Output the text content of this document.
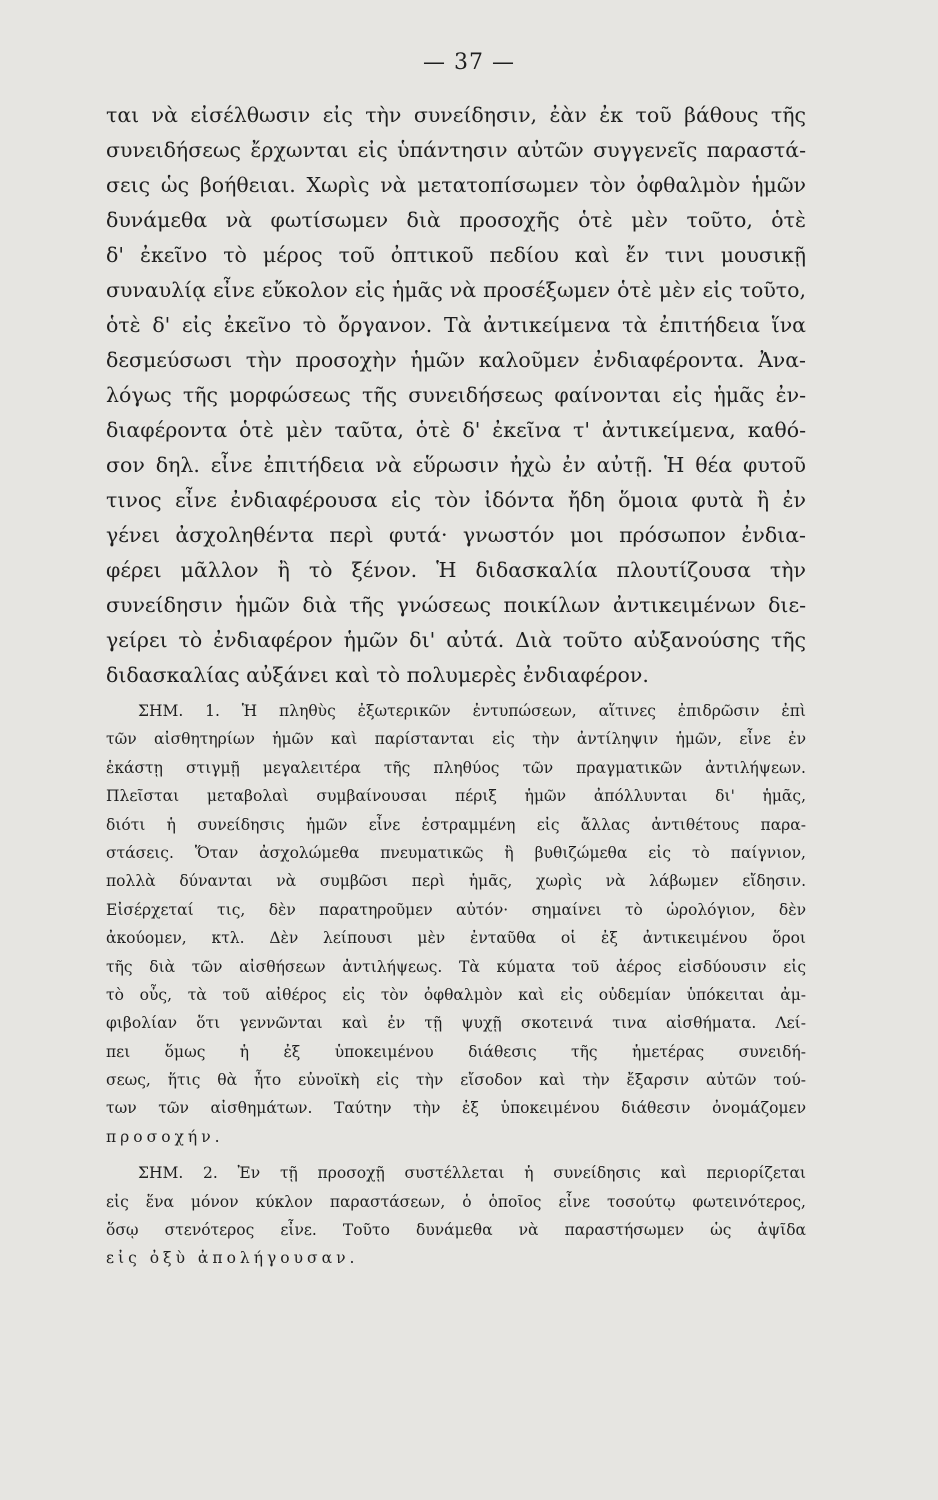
— 37 —
ται νὰ εἰσέλθωσιν εἰς τὴν συνείδησιν, ἐὰν ἐκ τοῦ βάθους τῆς
συνειδήσεως ἔρχωνται εἰς ὑπάντησιν αὐτῶν συγγενεῖς παραστά-
σεις ὡς βοήθειαι. Χωρὶς νὰ μετατοπίσωμεν τὸν ὀφθαλμὸν ἡμῶν
δυνάμεθα νὰ φωτίσωμεν διὰ προσοχῆς ὁτὲ μὲν τοῦτο, ὁτὲ
δ' ἐκεῖνο τὸ μέρος τοῦ ὀπτικοῦ πεδίου καὶ ἔν τινι μουσικῇ
συναυλίᾳ εἶνε εὔκολον εἰς ἡμᾶς νὰ προσέξωμεν ὁτὲ μὲν εἰς τοῦτο,
ὁτὲ δ' εἰς ἐκεῖνο τὸ ὄργανον. Τὰ ἀντικείμενα τὰ ἐπιτήδεια ἵνα
δεσμεύσωσι τὴν προσοχὴν ἡμῶν καλοῦμεν ἐνδιαφέροντα. Ἀνα-
λόγως τῆς μορφώσεως τῆς συνειδήσεως φαίνονται εἰς ἡμᾶς ἐν-
διαφέροντα ὁτὲ μὲν ταῦτα, ὁτὲ δ' ἐκεῖνα τ' ἀντικείμενα, καθό-
σον δηλ. εἶνε ἐπιτήδεια νὰ εὕρωσιν ἠχὼ ἐν αὐτῇ. Ἡ θέα φυτοῦ
τινος εἶνε ἐνδιαφέρουσα εἰς τὸν ἰδόντα ἤδη ὅμοια φυτὰ ἢ ἐν
γένει ἀσχοληθέντα περὶ φυτά· γνωστόν μοι πρόσωπον ἐνδια-
φέρει μᾶλλον ἢ τὸ ξένον. Ἡ διδασκαλία πλουτίζουσα τὴν
συνείδησιν ἡμῶν διὰ τῆς γνώσεως ποικίλων ἀντικειμένων διε-
γείρει τὸ ἐνδιαφέρον ἡμῶν δι' αὐτά. Διὰ τοῦτο αὐξανούσης τῆς
διδασκαλίας αὐξάνει καὶ τὸ πολυμερὲς ἐνδιαφέρον.
ΣΗΜ. 1. Ἡ πληθὺς ἐξωτερικῶν ἐντυπώσεων, αἵτινες ἐπιδρῶσιν ἐπὶ
τῶν αἰσθητηρίων ἡμῶν καὶ παρίστανται εἰς τὴν ἀντίληψιν ἡμῶν, εἶνε ἐν
ἑκάστῃ στιγμῇ μεγαλειτέρα τῆς πληθύος τῶν πραγματικῶν ἀντιλήψεων.
Πλεῖσται μεταβολαὶ συμβαίνουσαι πέριξ ἡμῶν ἀπόλλυνται δι' ἡμᾶς,
διότι ἡ συνείδησις ἡμῶν εἶνε ἐστραμμένη εἰς ἄλλας ἀντιθέτους παρα-
στάσεις. Ὅταν ἀσχολώμεθα πνευματικῶς ἢ βυθιζώμεθα εἰς τὸ παίγνιον,
πολλὰ δύνανται νὰ συμβῶσι περὶ ἡμᾶς, χωρὶς νὰ λάβωμεν εἴδησιν.
Εἰσέρχεταί τις, δὲν παρατηροῦμεν αὐτόν· σημαίνει τὸ ὡρολόγιον, δὲν
ἀκούομεν, κτλ. Δὲν λείπουσι μὲν ἐνταῦθα οἱ ἐξ ἀντικειμένου ὅροι
τῆς διὰ τῶν αἰσθήσεων ἀντιλήψεως. Τὰ κύματα τοῦ ἀέρος εἰσδύουσιν εἰς
τὸ οὖς, τὰ τοῦ αἰθέρος εἰς τὸν ὀφθαλμὸν καὶ εἰς οὐδεμίαν ὑπόκειται ἀμ-
φιβολίαν ὅτι γεννῶνται καὶ ἐν τῇ ψυχῇ σκοτεινά τινα αἰσθήματα. Λεί-
πει ὅμως ἡ ἐξ ὑποκειμένου διάθεσις τῆς ἡμετέρας συνειδή-
σεως, ἥτις θὰ ἦτο εὐνοϊκὴ εἰς τὴν εἴσοδον καὶ τὴν ἔξαρσιν αὐτῶν τού-
των τῶν αἰσθημάτων. Ταύτην τὴν ἐξ ὑποκειμένου διάθεσιν ὀνομάζομεν
προσοχήν.
ΣΗΜ. 2. Ἐν τῇ προσοχῇ συστέλλεται ἡ συνείδησις καὶ περιορίζεται
εἰς ἕνα μόνον κύκλον παραστάσεων, ὁ ὁποῖος εἶνε τοσούτῳ φωτεινότερος,
ὅσῳ στενότερος εἶνε. Τοῦτο δυνάμεθα νὰ παραστήσωμεν ὡς ἀψῖδα
εἰς ὀξὺ ἀπολήγουσαν.
